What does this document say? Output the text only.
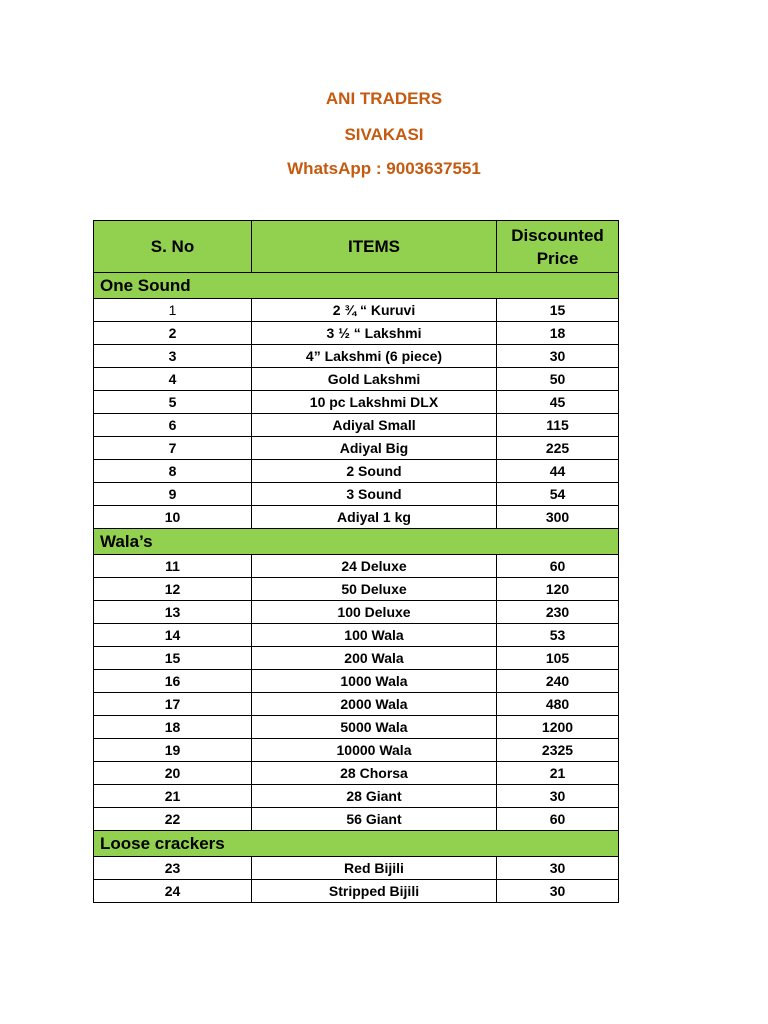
ANI TRADERS
SIVAKASI
WhatsApp : 9003637551
S. No	ITEMS	Discounted Price
One Sound		
1	2 ¾ “ Kuruvi	15
2	3 ½ “ Lakshmi	18
3	4” Lakshmi (6 piece)	30
4	Gold Lakshmi	50
5	10 pc Lakshmi DLX	45
6	Adiyal Small	115
7	Adiyal Big	225
8	2 Sound	44
9	3 Sound	54
10	Adiyal 1 kg	300
Wala’s		
11	24 Deluxe	60
12	50 Deluxe	120
13	100 Deluxe	230
14	100 Wala	53
15	200 Wala	105
16	1000 Wala	240
17	2000 Wala	480
18	5000 Wala	1200
19	10000 Wala	2325
20	28 Chorsa	21
21	28 Giant	30
22	56 Giant	60
Loose crackers		
23	Red Bijili	30
24	Stripped Bijili	30
